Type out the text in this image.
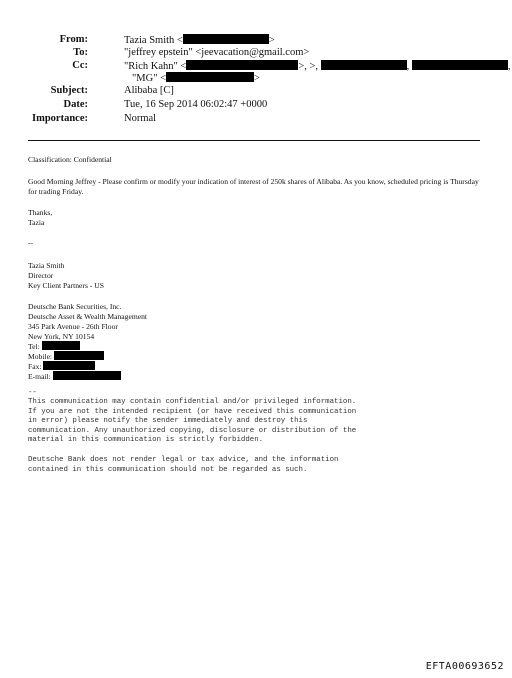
From:	Tazia Smith <	>
To:	"jeffrey epstein" <jeevacation@gmail.com>
Cc:	"Rich Kahn" <	>, >,	,	,
"MG" <	>
Subject:	Alibaba [C]
Date:	Tue, 16 Sep 2014 06:02:47 +0000
Importance:	Normal
Classification: Confidential
Good Morning Jeffrey - Please confirm or modify your indication of interest of 250k shares of Alibaba. As you know, scheduled pricing is Thursday for trading Friday.
Thanks,
Tazia
--
Tazia Smith
Director
Key Client Partners - US
Deutsche Bank Securities, Inc.
Deutsche Asset & Wealth Management
345 Park Avenue - 26th Floor
New York, NY 10154
Tel:
Mobile:
Fax:
E-mail:
--
This communication may contain confidential and/or privileged information.
If you are not the intended recipient (or have received this communication
in error) please notify the sender immediately and destroy this
communication. Any unauthorized copying, disclosure or distribution of the
material in this communication is strictly forbidden.
Deutsche Bank does not render legal or tax advice, and the information
contained in this communication should not be regarded as such.
EFTA00693652
